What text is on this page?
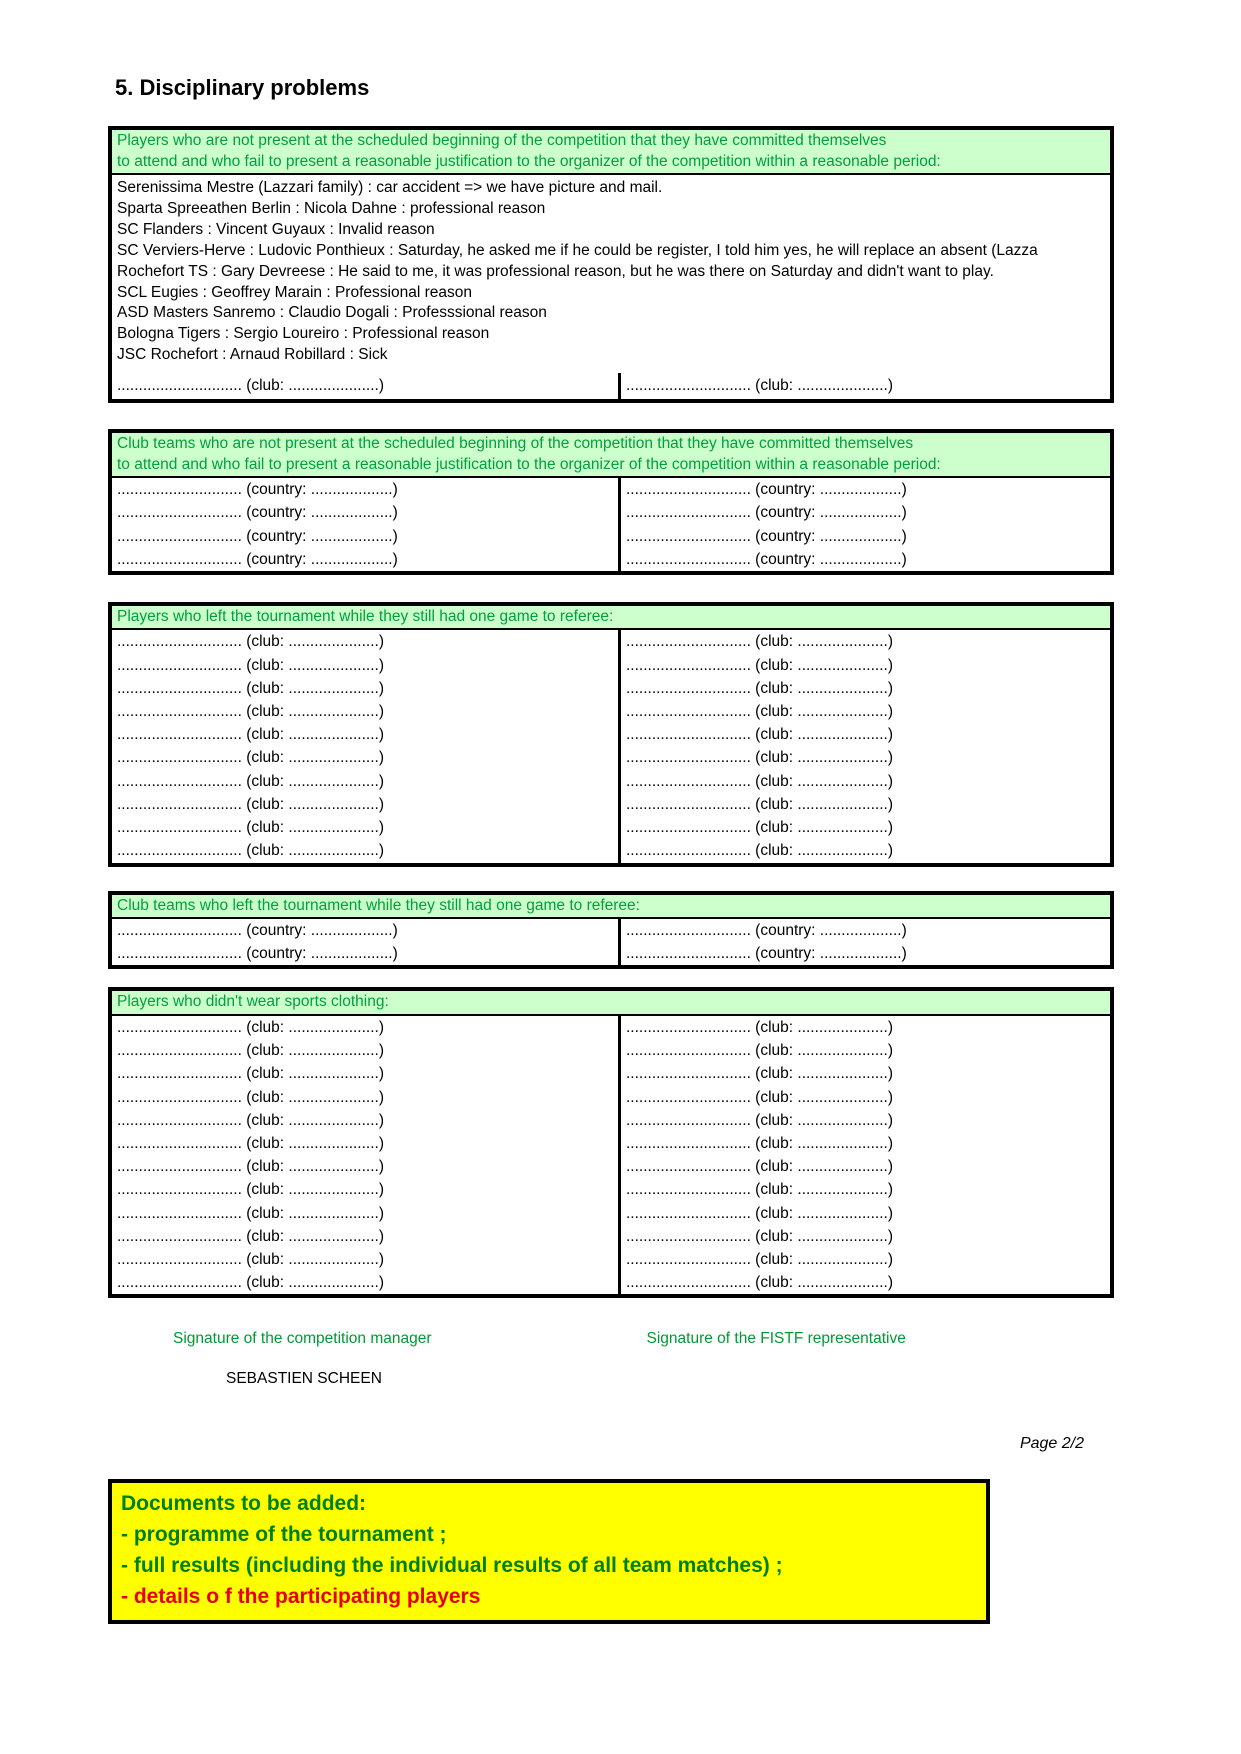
5. Disciplinary problems
Players who are not present at the scheduled beginning of the competition that they have committed themselves
to attend and who fail to present a reasonable justification to the organizer of the competition within a reasonable period:
Serenissima Mestre (Lazzari family) : car accident => we have picture and mail.
Sparta Spreeathen Berlin : Nicola Dahne : professional reason
SC Flanders : Vincent Guyaux : Invalid reason
SC Verviers-Herve : Ludovic Ponthieux : Saturday, he asked me if he could be register, I told him yes, he will replace an absent (Lazza
Rochefort TS : Gary Devreese : He said to me, it was professional reason, but he was there on Saturday and didn't want to play.
SCL Eugies : Geoffrey Marain : Professional reason
ASD Masters Sanremo : Claudio Dogali : Professsional reason
Bologna Tigers : Sergio Loureiro : Professional reason
JSC Rochefort : Arnaud Robillard : Sick
............................. (club: .....................)	............................. (club: .....................)
Club teams who are not present at the scheduled beginning of the competition that they have committed themselves
to attend and who fail to present a reasonable justification to the organizer of the competition within a reasonable period:
............................. (country: ...................)	............................. (country: ...................)
............................. (country: ...................)	............................. (country: ...................)
............................. (country: ...................)	............................. (country: ...................)
............................. (country: ...................)	............................. (country: ...................)
Players who left the tournament while they still had one game to referee:
............................. (club: .....................)	............................. (club: .....................)
............................. (club: .....................)	............................. (club: .....................)
............................. (club: .....................)	............................. (club: .....................)
............................. (club: .....................)	............................. (club: .....................)
............................. (club: .....................)	............................. (club: .....................)
............................. (club: .....................)	............................. (club: .....................)
............................. (club: .....................)	............................. (club: .....................)
............................. (club: .....................)	............................. (club: .....................)
............................. (club: .....................)	............................. (club: .....................)
............................. (club: .....................)	............................. (club: .....................)
Club teams who left the tournament while they still had one game to referee:
............................. (country: ...................)	............................. (country: ...................)
............................. (country: ...................)	............................. (country: ...................)
Players who didn't wear sports clothing:
............................. (club: .....................)	............................. (club: .....................)
............................. (club: .....................)	............................. (club: .....................)
............................. (club: .....................)	............................. (club: .....................)
............................. (club: .....................)	............................. (club: .....................)
............................. (club: .....................)	............................. (club: .....................)
............................. (club: .....................)	............................. (club: .....................)
............................. (club: .....................)	............................. (club: .....................)
............................. (club: .....................)	............................. (club: .....................)
............................. (club: .....................)	............................. (club: .....................)
............................. (club: .....................)	............................. (club: .....................)
............................. (club: .....................)	............................. (club: .....................)
............................. (club: .....................)	............................. (club: .....................)
Signature of the competition manager	Signature of the FISTF representative
SEBASTIEN SCHEEN
Page 2/2
Documents to be added:
- programme of the tournament ;
- full results (including the individual results of all team matches) ;
- details o f the participating players
